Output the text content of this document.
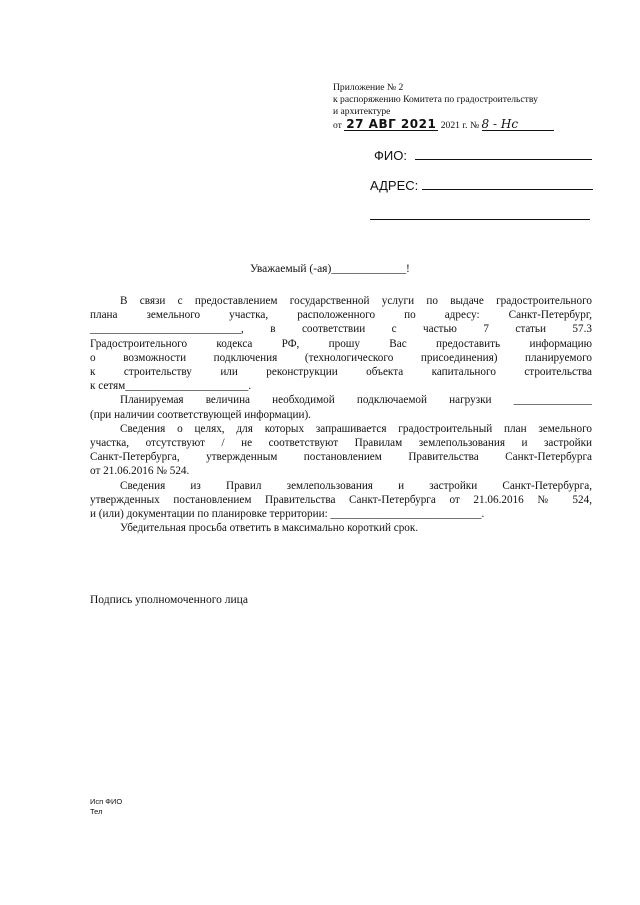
Приложение № 2
к распоряжению Комитета по градостроительству
и архитектуре
от 27 АВГ 2021 2021 г. № 8 - Нс
ФИО:
АДРЕС:
Уважаемый (-ая)_____________!

В связи с предоставлением государственной услуги по выдаче градостроительного

плана земельного участка, расположенного по адресу: Санкт-Петербург,

___________________________, в соответствии с частью 7 статьи 57.3

Градостроительного кодекса РФ, прошу Вас предоставить информацию

о возможности подключения (технологического присоединения) планируемого

к строительству или реконструкции объекта капитального строительства

к сетям______________________.

Планируемая величина необходимой подключаемой нагрузки ______________

(при наличии соответствующей информации).

Сведения о целях, для которых запрашивается градостроительный план земельного

участка, отсутствуют / не соответствуют Правилам землепользования и застройки

Санкт-Петербурга, утвержденным постановлением Правительства Санкт-Петербурга

от 21.06.2016 № 524.

Сведения из Правил землепользования и застройки Санкт-Петербурга,

утвержденных постановлением Правительства Санкт-Петербурга от 21.06.2016 № 524,

и (или) документации по планировке территории: ___________________________.

Убедительная просьба ответить в максимально короткий срок.

Подпись уполномоченного лица
Исп ФИО
Тел
